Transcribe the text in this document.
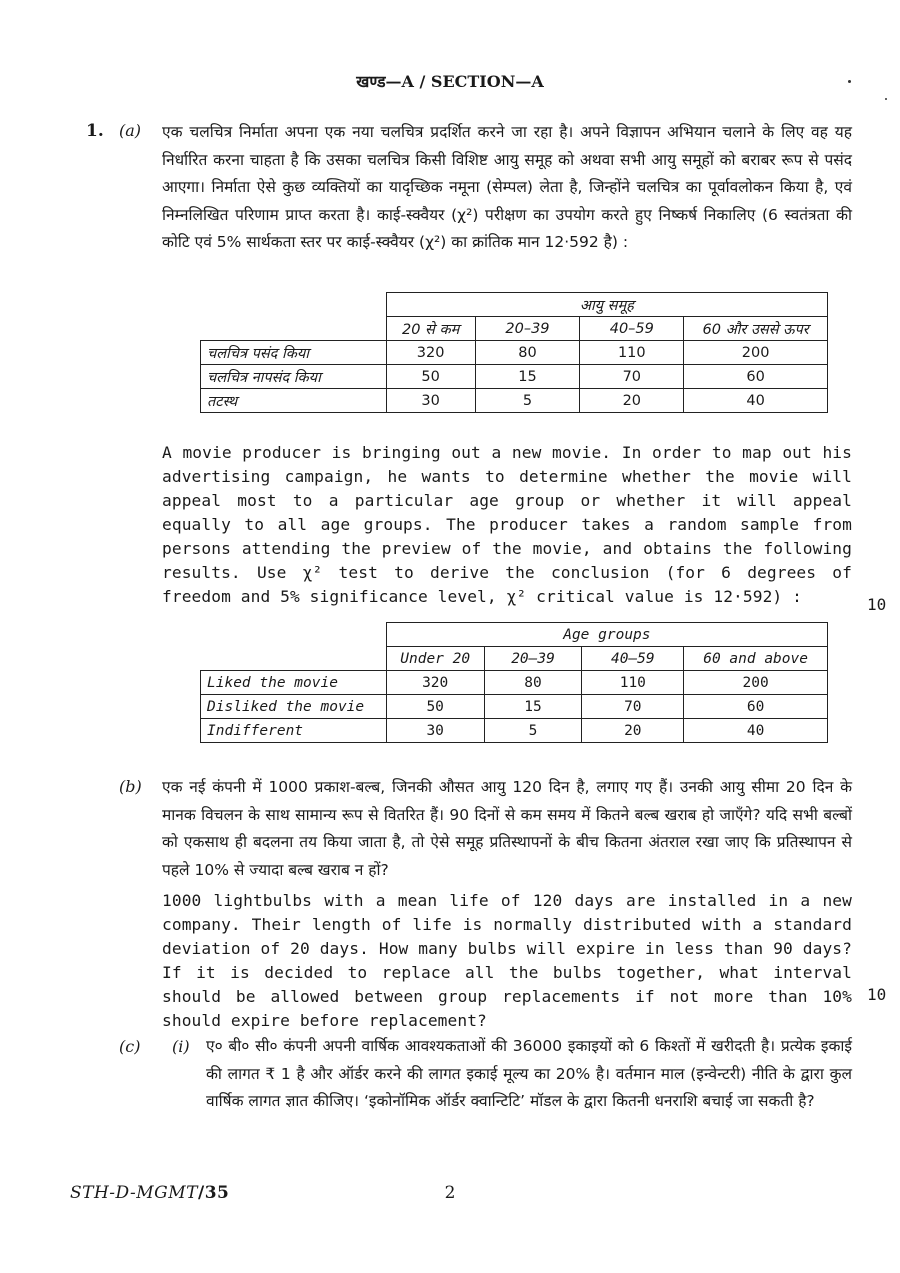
खण्ड—A / SECTION—A
1. (a) एक चलचित्र निर्माता अपना एक नया चलचित्र प्रदर्शित करने जा रहा है। अपने विज्ञापन अभियान चलाने के लिए वह यह निर्धारित करना चाहता है कि उसका चलचित्र किसी विशिष्ट आयु समूह को अथवा सभी आयु समूहों को बराबर रूप से पसंद आएगा। निर्माता ऐसे कुछ व्यक्तियों का यादृच्छिक नमूना (सेम्पल) लेता है, जिन्होंने चलचित्र का पूर्वावलोकन किया है, एवं निम्नलिखित परिणाम प्राप्त करता है। काई-स्क्वैयर (χ²) परीक्षण का उपयोग करते हुए निष्कर्ष निकालिए (6 स्वतंत्रता की कोटि एवं 5% सार्थकता स्तर पर काई-स्क्वैयर (χ²) का क्रांतिक मान 12·592 है) :

	आयु समूह			
	20 से कम	20–39	40–59	60 और उससे ऊपर
चलचित्र पसंद किया	320	80	110	200
चलचित्र नापसंद किया	50	15	70	60
तटस्थ	30	5	20	40

A movie producer is bringing out a new movie. In order to map out his advertising campaign, he wants to determine whether the movie will appeal most to a particular age group or whether it will appeal equally to all age groups. The producer takes a random sample from persons attending the preview of the movie, and obtains the following results. Use χ² test to derive the conclusion (for 6 degrees of freedom and 5% significance level, χ² critical value is 12·592) :	10
	Age groups			
	Under 20	20–39	40–59	60 and above
Liked the movie	320	80	110	200
Disliked the movie	50	15	70	60
Indifferent	30	5	20	40
(b) एक नई कंपनी में 1000 प्रकाश-बल्ब, जिनकी औसत आयु 120 दिन है, लगाए गए हैं। उनकी आयु सीमा 20 दिन के मानक विचलन के साथ सामान्य रूप से वितरित हैं। 90 दिनों से कम समय में कितने बल्ब खराब हो जाएँगे? यदि सभी बल्बों को एकसाथ ही बदलना तय किया जाता है, तो ऐसे समूह प्रतिस्थापनों के बीच कितना अंतराल रखा जाए कि प्रतिस्थापन से पहले 10% से ज्यादा बल्ब खराब न हों?

1000 lightbulbs with a mean life of 120 days are installed in a new company. Their length of life is normally distributed with a standard deviation of 20 days. How many bulbs will expire in less than 90 days? If it is decided to replace all the bulbs together, what interval should be allowed between group replacements if not more than 10% should expire before replacement?

10
(c) (i) ए० बी० सी० कंपनी अपनी वार्षिक आवश्यकताओं की 36000 इकाइयों को 6 किश्तों में खरीदती है। प्रत्येक इकाई की लागत ₹ 1 है और ऑर्डर करने की लागत इकाई मूल्य का 20% है। वर्तमान माल (इन्वेन्टरी) नीति के द्वारा कुल वार्षिक लागत ज्ञात कीजिए। ‘इकोनॉमिक ऑर्डर क्वान्टिटि’ मॉडल के द्वारा कितनी धनराशि बचाई जा सकती है?

STH-D-MGMT/35	2
